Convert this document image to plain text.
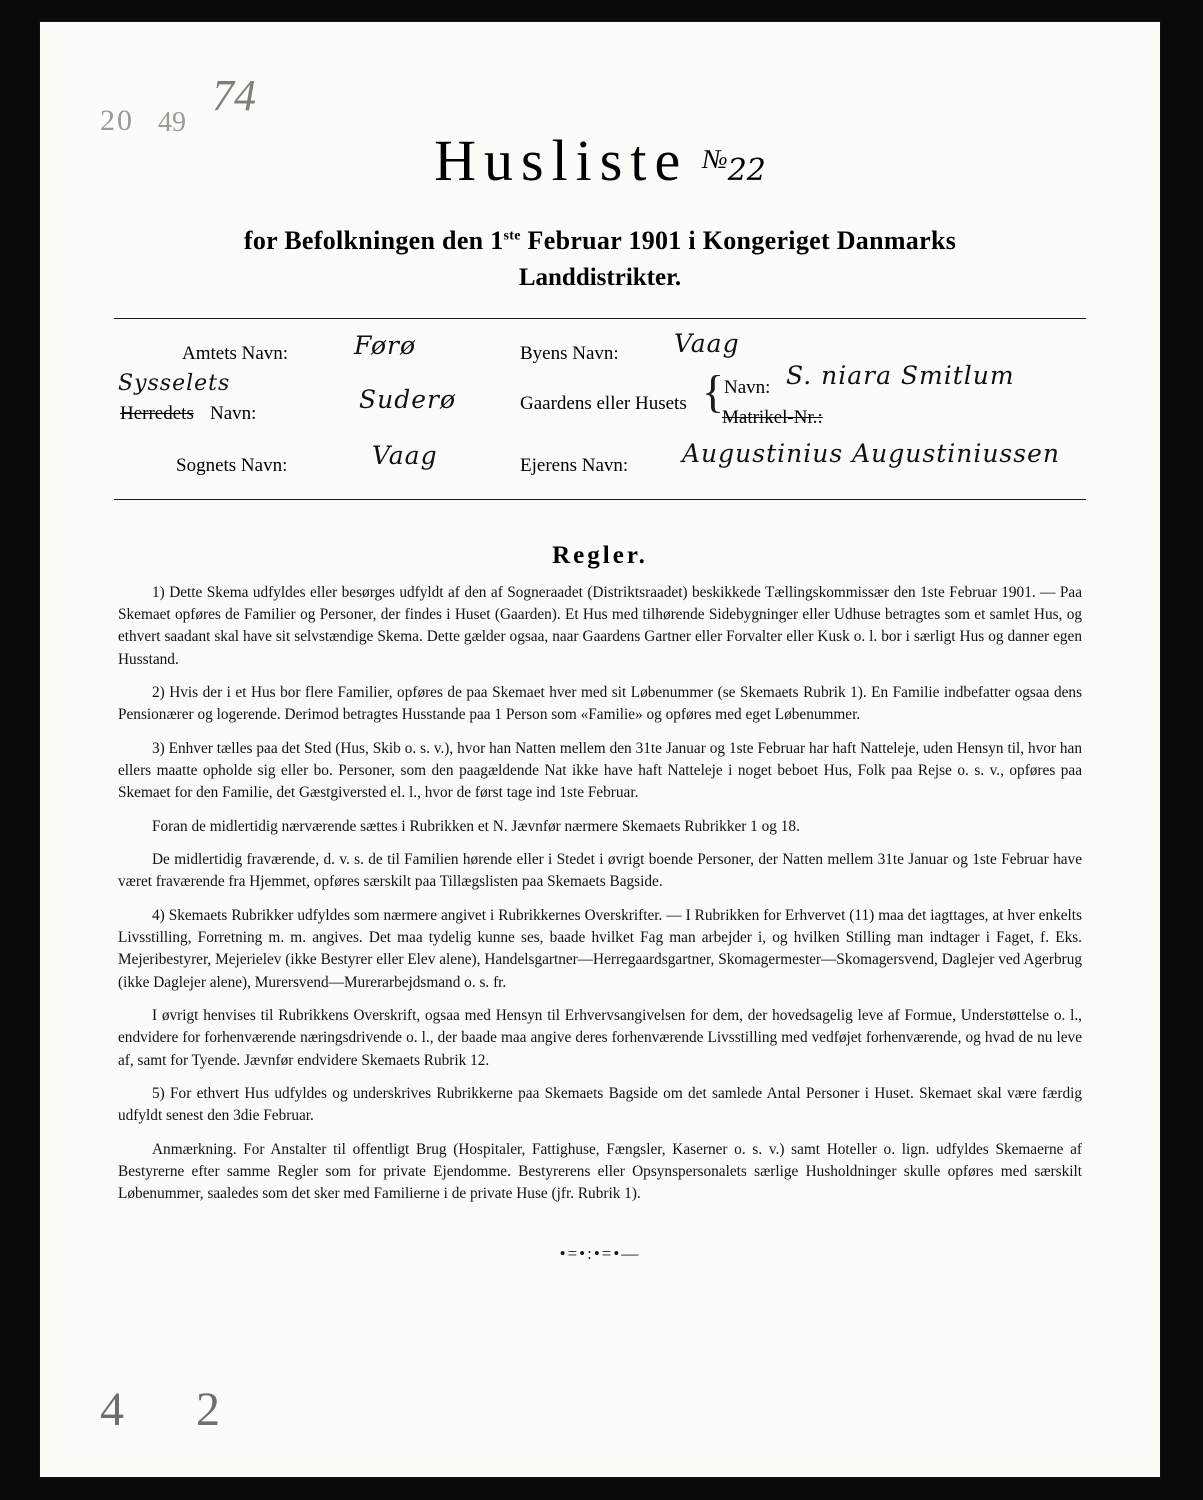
20 49
74
Husliste №22
for Befolkningen den 1ste Februar 1901 i Kongeriget Danmarks
Landdistrikter.
Amtets Navn:	Førø
Sysselets
Herredets Navn:	Suderø
Sognets Navn:	Vaag
Byens Navn: Vaag
Gaardens eller Husets { Navn: S. niara Smitlum
Matrikel-Nr.:
Ejerens Navn: Augustinius Augustiniussen
Regler.

1) Dette Skema udfyldes eller besørges udfyldt af den af Sogneraadet (Distriktsraadet) beskikkede Tællingskommissær den 1ste Februar 1901. — Paa Skemaet opføres de Familier og Personer, der findes i Huset (Gaarden). Et Hus med tilhørende Sidebygninger eller Udhuse betragtes som et samlet Hus, og ethvert saadant skal have sit selvstændige Skema. Dette gælder ogsaa, naar Gaardens Gartner eller Forvalter eller Kusk o. l. bor i særligt Hus og danner egen Husstand.

2) Hvis der i et Hus bor flere Familier, opføres de paa Skemaet hver med sit Løbenummer (se Skemaets Rubrik 1). En Familie indbefatter ogsaa dens Pensionærer og logerende. Derimod betragtes Husstande paa 1 Person som «Familie» og opføres med eget Løbenummer.

3) Enhver tælles paa det Sted (Hus, Skib o. s. v.), hvor han Natten mellem den 31te Januar og 1ste Februar har haft Natteleje, uden Hensyn til, hvor han ellers maatte opholde sig eller bo. Personer, som den paagældende Nat ikke have haft Natteleje i noget beboet Hus, Folk paa Rejse o. s. v., opføres paa Skemaet for den Familie, det Gæstgiversted el. l., hvor de først tage ind 1ste Februar.

Foran de midlertidig nærværende sættes i Rubrikken et N. Jævnfør nærmere Skemaets Rubrikker 1 og 18.

De midlertidig fraværende, d. v. s. de til Familien hørende eller i Stedet i øvrigt boende Personer, der Natten mellem 31te Januar og 1ste Februar have været fraværende fra Hjemmet, opføres særskilt paa Tillægslisten paa Skemaets Bagside.

4) Skemaets Rubrikker udfyldes som nærmere angivet i Rubrikkernes Overskrifter. — I Rubrikken for Erhvervet (11) maa det iagttages, at hver enkelts Livsstilling, Forretning m. m. angives. Det maa tydelig kunne ses, baade hvilket Fag man arbejder i, og hvilken Stilling man indtager i Faget, f. Eks. Mejeribestyrer, Mejerielev (ikke Bestyrer eller Elev alene), Handelsgartner—Herregaardsgartner, Skomagermester—Skomagersvend, Daglejer ved Agerbrug (ikke Daglejer alene), Murersvend—Murerarbejdsmand o. s. fr.

I øvrigt henvises til Rubrikkens Overskrift, ogsaa med Hensyn til Erhvervsangivelsen for dem, der hovedsagelig leve af Formue, Understøttelse o. l., endvidere for forhenværende næringsdrivende o. l., der baade maa angive deres forhenværende Livsstilling med vedføjet forhenværende, og hvad de nu leve af, samt for Tyende. Jævnfør endvidere Skemaets Rubrik 12.

5) For ethvert Hus udfyldes og underskrives Rubrikkerne paa Skemaets Bagside om det samlede Antal Personer i Huset. Skemaet skal være færdig udfyldt senest den 3die Februar.

Anmærkning. For Anstalter til offentligt Brug (Hospitaler, Fattighuse, Fængsler, Kaserner o. s. v.) samt Hoteller o. lign. udfyldes Skemaerne af Bestyrerne efter samme Regler som for private Ejendomme. Bestyrerens eller Opsynspersonalets særlige Husholdninger skulle opføres med særskilt Løbenummer, saaledes som det sker med Familierne i de private Huse (jfr. Rubrik 1).

•=•:•=•—
4 2
